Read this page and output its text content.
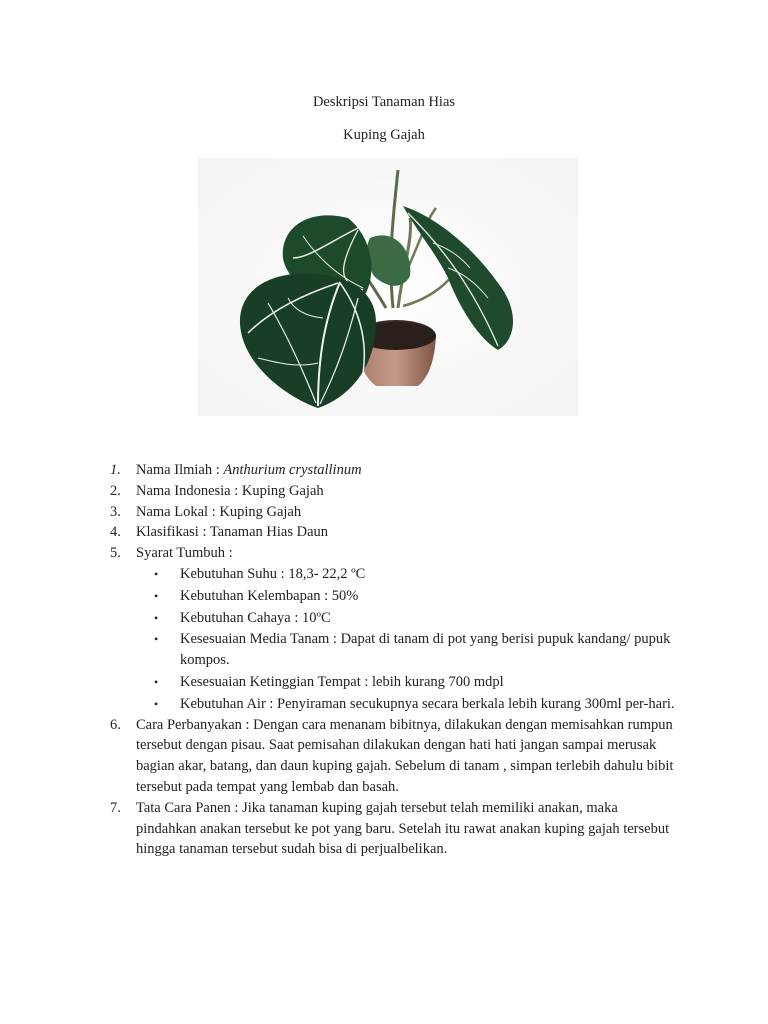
Deskripsi Tanaman Hias
Kuping Gajah
1.	Nama Ilmiah : Anthurium crystallinum
2.	Nama Indonesia : Kuping Gajah
3.	Nama Lokal : Kuping Gajah
4.	Klasifikasi : Tanaman Hias Daun
5.	Syarat Tumbuh :
• Kebutuhan Suhu : 18,3- 22,2 ºC
• Kebutuhan Kelembapan : 50%
• Kebutuhan Cahaya : 10ºC
• Kesesuaian Media Tanam : Dapat di tanam di pot yang berisi pupuk kandang/ pupuk kompos.
• Kesesuaian Ketinggian Tempat : lebih kurang 700 mdpl
• Kebutuhan Air : Penyiraman secukupnya secara berkala lebih kurang 300ml per-hari.
6.	Cara Perbanyakan : Dengan cara menanam bibitnya, dilakukan dengan memisahkan rumpun tersebut dengan pisau. Saat pemisahan dilakukan dengan hati hati jangan sampai merusak bagian akar, batang, dan daun kuping gajah. Sebelum di tanam , simpan terlebih dahulu bibit tersebut pada tempat yang lembab dan basah.
7.	Tata Cara Panen : Jika tanaman kuping gajah tersebut telah memiliki anakan, maka pindahkan anakan tersebut ke pot yang baru. Setelah itu rawat anakan kuping gajah tersebut hingga tanaman tersebut sudah bisa di perjualbelikan.
